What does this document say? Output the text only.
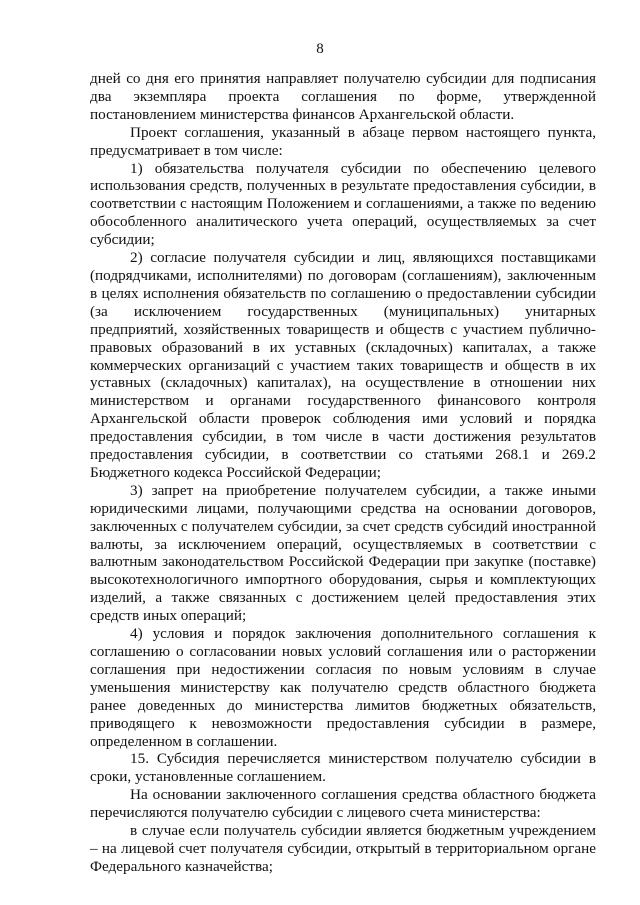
8

дней со дня его принятия направляет получателю субсидии для подписания два экземпляра проекта соглашения по форме, утвержденной постановлением министерства финансов Архангельской области.

Проект соглашения, указанный в абзаце первом настоящего пункта, предусматривает в том числе:

1) обязательства получателя субсидии по обеспечению целевого использования средств, полученных в результате предоставления субсидии, в соответствии с настоящим Положением и соглашениями, а также по ведению обособленного аналитического учета операций, осуществляемых за счет субсидии;

2) согласие получателя субсидии и лиц, являющихся поставщиками (подрядчиками, исполнителями) по договорам (соглашениям), заключенным в целях исполнения обязательств по соглашению о предоставлении субсидии (за исключением государственных (муниципальных) унитарных предприятий, хозяйственных товариществ и обществ с участием публично-правовых образований в их уставных (складочных) капиталах, а также коммерческих организаций с участием таких товариществ и обществ в их уставных (складочных) капиталах), на осуществление в отношении них министерством и органами государственного финансового контроля Архангельской области проверок соблюдения ими условий и порядка предоставления субсидии, в том числе в части достижения результатов предоставления субсидии, в соответствии со статьями 268.1 и 269.2 Бюджетного кодекса Российской Федерации;

3) запрет на приобретение получателем субсидии, а также иными юридическими лицами, получающими средства на основании договоров, заключенных с получателем субсидии, за счет средств субсидий иностранной валюты, за исключением операций, осуществляемых в соответствии с валютным законодательством Российской Федерации при закупке (поставке) высокотехнологичного импортного оборудования, сырья и комплектующих изделий, а также связанных с достижением целей предоставления этих средств иных операций;

4) условия и порядок заключения дополнительного соглашения к соглашению о согласовании новых условий соглашения или о расторжении соглашения при недостижении согласия по новым условиям в случае уменьшения министерству как получателю средств областного бюджета ранее доведенных до министерства лимитов бюджетных обязательств, приводящего к невозможности предоставления субсидии в размере, определенном в соглашении.

15. Субсидия перечисляется министерством получателю субсидии в сроки, установленные соглашением.

На основании заключенного соглашения средства областного бюджета перечисляются получателю субсидии с лицевого счета министерства:

в случае если получатель субсидии является бюджетным учреждением – на лицевой счет получателя субсидии, открытый в территориальном органе Федерального казначейства;
